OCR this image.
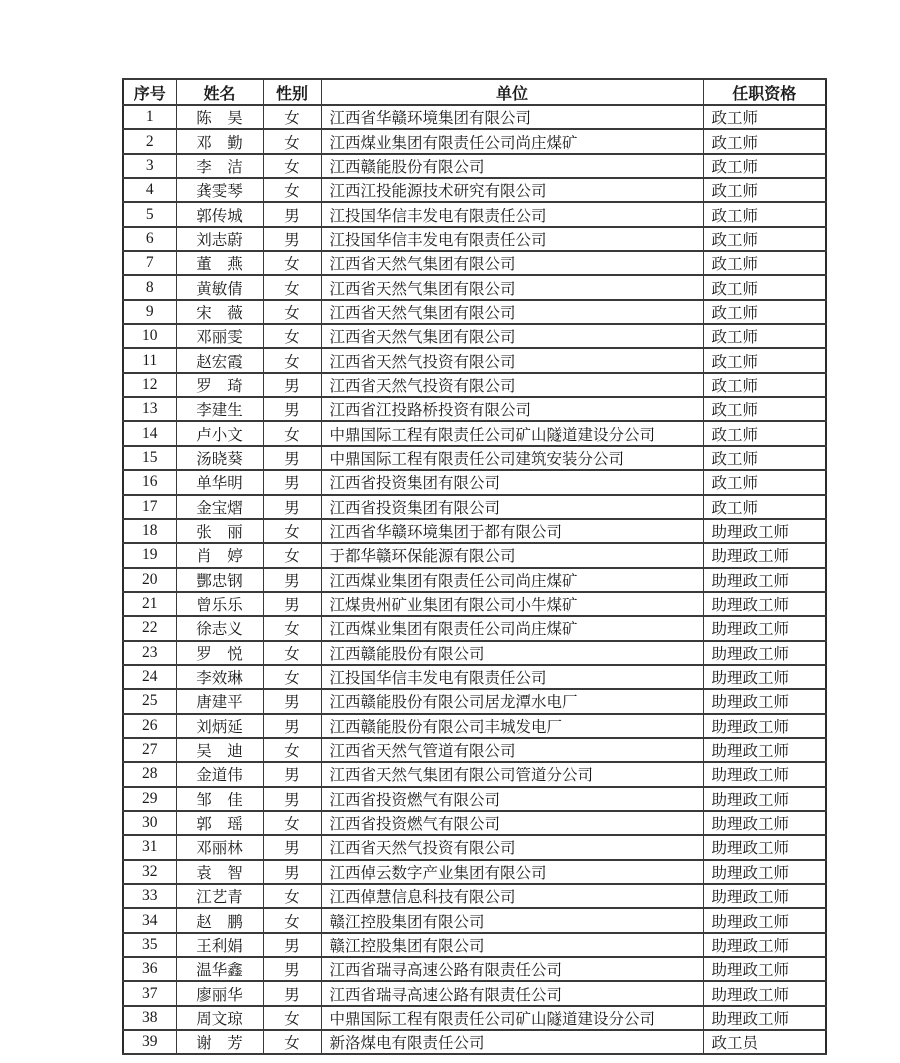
序号	姓名	性别	单位	任职资格
1	陈　昊	女	江西省华赣环境集团有限公司	政工师
2	邓　勤	女	江西煤业集团有限责任公司尚庄煤矿	政工师
3	李　洁	女	江西赣能股份有限公司	政工师
4	龚雯琴	女	江西江投能源技术研究有限公司	政工师
5	郭传城	男	江投国华信丰发电有限责任公司	政工师
6	刘志蔚	男	江投国华信丰发电有限责任公司	政工师
7	董　燕	女	江西省天然气集团有限公司	政工师
8	黄敏倩	女	江西省天然气集团有限公司	政工师
9	宋　薇	女	江西省天然气集团有限公司	政工师
10	邓丽雯	女	江西省天然气集团有限公司	政工师
11	赵宏霞	女	江西省天然气投资有限公司	政工师
12	罗　琦	男	江西省天然气投资有限公司	政工师
13	李建生	男	江西省江投路桥投资有限公司	政工师
14	卢小文	女	中鼎国际工程有限责任公司矿山隧道建设分公司	政工师
15	汤晓葵	男	中鼎国际工程有限责任公司建筑安装分公司	政工师
16	单华明	男	江西省投资集团有限公司	政工师
17	金宝熠	男	江西省投资集团有限公司	政工师
18	张　丽	女	江西省华赣环境集团于都有限公司	助理政工师
19	肖　婷	女	于都华赣环保能源有限公司	助理政工师
20	酆忠钢	男	江西煤业集团有限责任公司尚庄煤矿	助理政工师
21	曾乐乐	男	江煤贵州矿业集团有限公司小牛煤矿	助理政工师
22	徐志义	女	江西煤业集团有限责任公司尚庄煤矿	助理政工师
23	罗　悦	女	江西赣能股份有限公司	助理政工师
24	李效琳	女	江投国华信丰发电有限责任公司	助理政工师
25	唐建平	男	江西赣能股份有限公司居龙潭水电厂	助理政工师
26	刘炳延	男	江西赣能股份有限公司丰城发电厂	助理政工师
27	吴　迪	女	江西省天然气管道有限公司	助理政工师
28	金道伟	男	江西省天然气集团有限公司管道分公司	助理政工师
29	邹　佳	男	江西省投资燃气有限公司	助理政工师
30	郭　瑶	女	江西省投资燃气有限公司	助理政工师
31	邓丽林	男	江西省天然气投资有限公司	助理政工师
32	袁　智	男	江西倬云数字产业集团有限公司	助理政工师
33	江艺青	女	江西倬慧信息科技有限公司	助理政工师
34	赵　鹏	女	赣江控股集团有限公司	助理政工师
35	王利娟	男	赣江控股集团有限公司	助理政工师
36	温华鑫	男	江西省瑞寻高速公路有限责任公司	助理政工师
37	廖丽华	男	江西省瑞寻高速公路有限责任公司	助理政工师
38	周文琼	女	中鼎国际工程有限责任公司矿山隧道建设分公司	助理政工师
39	谢　芳	女	新洛煤电有限责任公司	政工员
